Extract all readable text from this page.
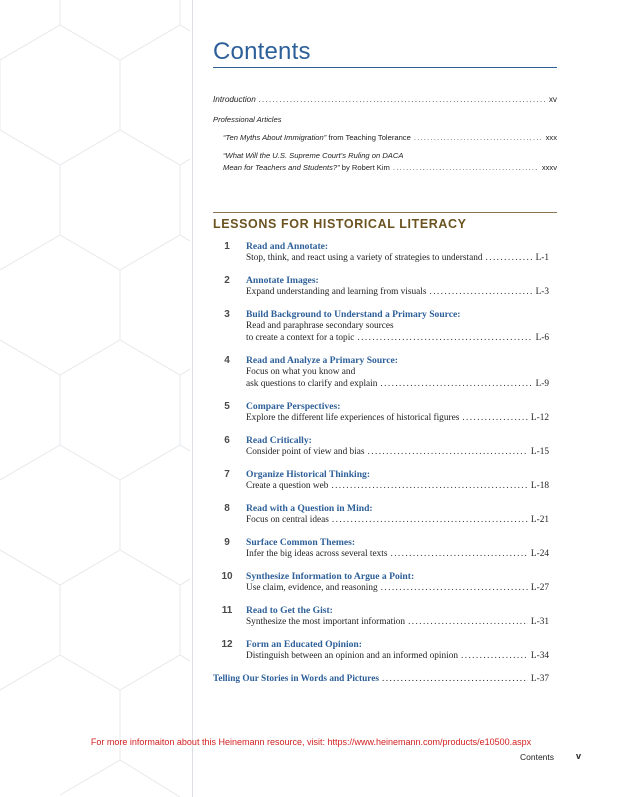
Contents
Introduction .....	xv
Professional Articles
“Ten Myths About Immigration” from Teaching Tolerance .....	xxx
“What Will the U.S. Supreme Court’s Ruling on DACA
Mean for Teachers and Students?” by Robert Kim .....	xxxv
LESSONS FOR HISTORICAL LITERACY
1	Read and Annotate:
Stop, think, and react using a variety of strategies to understand .....	L-1
2	Annotate Images:
Expand understanding and learning from visuals .....	L-3
3	Build Background to Understand a Primary Source:
Read and paraphrase secondary sources
to create a context for a topic .....	L-6
4	Read and Analyze a Primary Source:
Focus on what you know and
ask questions to clarify and explain .....	L-9
5	Compare Perspectives:
Explore the different life experiences of historical figures .....	L-12
6	Read Critically:
Consider point of view and bias .....	L-15
7	Organize Historical Thinking:
Create a question web .....	L-18
8	Read with a Question in Mind:
Focus on central ideas .....	L-21
9	Surface Common Themes:
Infer the big ideas across several texts .....	L-24
10	Synthesize Information to Argue a Point:
Use claim, evidence, and reasoning .....	L-27
11	Read to Get the Gist:
Synthesize the most important information .....	L-31
12	Form an Educated Opinion:
Distinguish between an opinion and an informed opinion .....	L-34
Telling Our Stories in Words and Pictures .....	L-37
For more informaiton about this Heinemann resource, visit: https://www.heinemann.com/products/e10500.aspx
Contents v
